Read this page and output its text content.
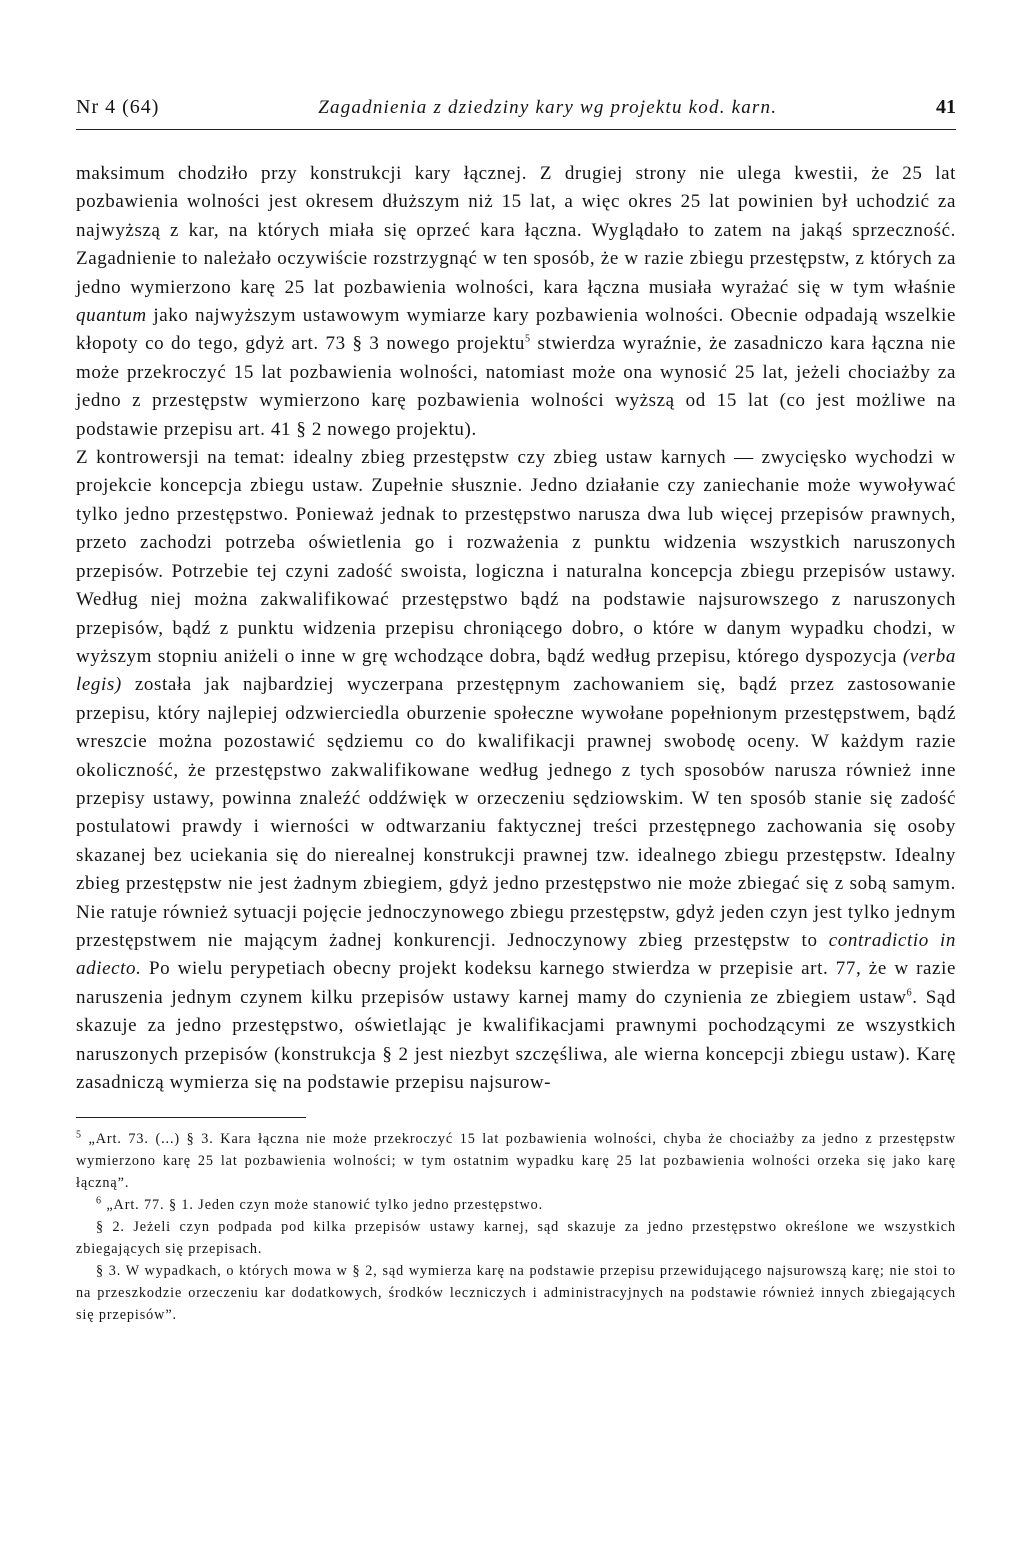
Nr 4 (64)	Zagadnienia z dziedziny kary wg projektu kod. karn.	41

maksimum chodziło przy konstrukcji kary łącznej. Z drugiej strony nie ulega kwestii, że 25 lat pozbawienia wolności jest okresem dłuższym niż 15 lat, a więc okres 25 lat powinien był uchodzić za najwyższą z kar, na których miała się oprzeć kara łączna. Wyglądało to zatem na jakąś sprzeczność. Zagadnienie to należało oczywiście rozstrzygnąć w ten sposób, że w razie zbiegu przestępstw, z których za jedno wymierzono karę 25 lat pozbawienia wolności, kara łączna musiała wyrażać się w tym właśnie quantum jako najwyższym ustawowym wymiarze kary pozbawienia wolności. Obecnie odpadają wszelkie kłopoty co do tego, gdyż art. 73 § 3 nowego projektu$^5$ stwierdza wyraźnie, że zasadniczo kara łączna nie może przekroczyć 15 lat pozbawienia wolności, natomiast może ona wynosić 25 lat, jeżeli chociażby za jedno z przestępstw wymierzono karę pozbawienia wolności wyższą od 15 lat (co jest możliwe na podstawie przepisu art. 41 § 2 nowego projektu).

Z kontrowersji na temat: idealny zbieg przestępstw czy zbieg ustaw karnych — zwycięsko wychodzi w projekcie koncepcja zbiegu ustaw. Zupełnie słusznie. Jedno działanie czy zaniechanie może wywoływać tylko jedno przestępstwo. Ponieważ jednak to przestępstwo narusza dwa lub więcej przepisów prawnych, przeto zachodzi potrzeba oświetlenia go i rozważenia z punktu widzenia wszystkich naruszonych przepisów. Potrzebie tej czyni zadość swoista, logiczna i naturalna koncepcja zbiegu przepisów ustawy. Według niej można zakwalifikować przestępstwo bądź na podstawie najsurowszego z naruszonych przepisów, bądź z punktu widzenia przepisu chroniącego dobro, o które w danym wypadku chodzi, w wyższym stopniu aniżeli o inne w grę wchodzące dobra, bądź według przepisu, którego dyspozycja (verba legis) została jak najbardziej wyczerpana przestępnym zachowaniem się, bądź przez zastosowanie przepisu, który najlepiej odzwierciedla oburzenie społeczne wywołane popełnionym przestępstwem, bądź wreszcie można pozostawić sędziemu co do kwalifikacji prawnej swobodę oceny. W każdym razie okoliczność, że przestępstwo zakwalifikowane według jednego z tych sposobów narusza również inne przepisy ustawy, powinna znaleźć oddźwięk w orzeczeniu sędziowskim. W ten sposób stanie się zadość postulatowi prawdy i wierności w odtwarzaniu faktycznej treści przestępnego zachowania się osoby skazanej bez uciekania się do nierealnej konstrukcji prawnej tzw. idealnego zbiegu przestępstw. Idealny zbieg przestępstw nie jest żadnym zbiegiem, gdyż jedno przestępstwo nie może zbiegać się z sobą samym. Nie ratuje również sytuacji pojęcie jednoczynowego zbiegu przestępstw, gdyż jeden czyn jest tylko jednym przestępstwem nie mającym żadnej konkurencji. Jednoczynowy zbieg przestępstw to contradictio in adiecto. Po wielu perypetiach obecny projekt kodeksu karnego stwierdza w przepisie art. 77, że w razie naruszenia jednym czynem kilku przepisów ustawy karnej mamy do czynienia ze zbiegiem ustaw$^6$. Sąd skazuje za jedno przestępstwo, oświetlając je kwalifikacjami prawnymi pochodzącymi ze wszystkich naruszonych przepisów (konstrukcja § 2 jest niezbyt szczęśliwa, ale wierna koncepcji zbiegu ustaw). Karę zasadniczą wymierza się na podstawie przepisu najsurow-

$^5$ „Art. 73. (...) § 3. Kara łączna nie może przekroczyć 15 lat pozbawienia wolności, chyba że chociażby za jedno z przestępstw wymierzono karę 25 lat pozbawienia wolności; w tym ostatnim wypadku karę 25 lat pozbawienia wolności orzeka się jako karę łączną”.

$^6$ „Art. 77. § 1. Jeden czyn może stanowić tylko jedno przestępstwo.

§ 2. Jeżeli czyn podpada pod kilka przepisów ustawy karnej, sąd skazuje za jedno przestępstwo określone we wszystkich zbiegających się przepisach.

§ 3. W wypadkach, o których mowa w § 2, sąd wymierza karę na podstawie przepisu przewidującego najsurowszą karę; nie stoi to na przeszkodzie orzeczeniu kar dodatkowych, środków leczniczych i administracyjnych na podstawie również innych zbiegających się przepisów”.
